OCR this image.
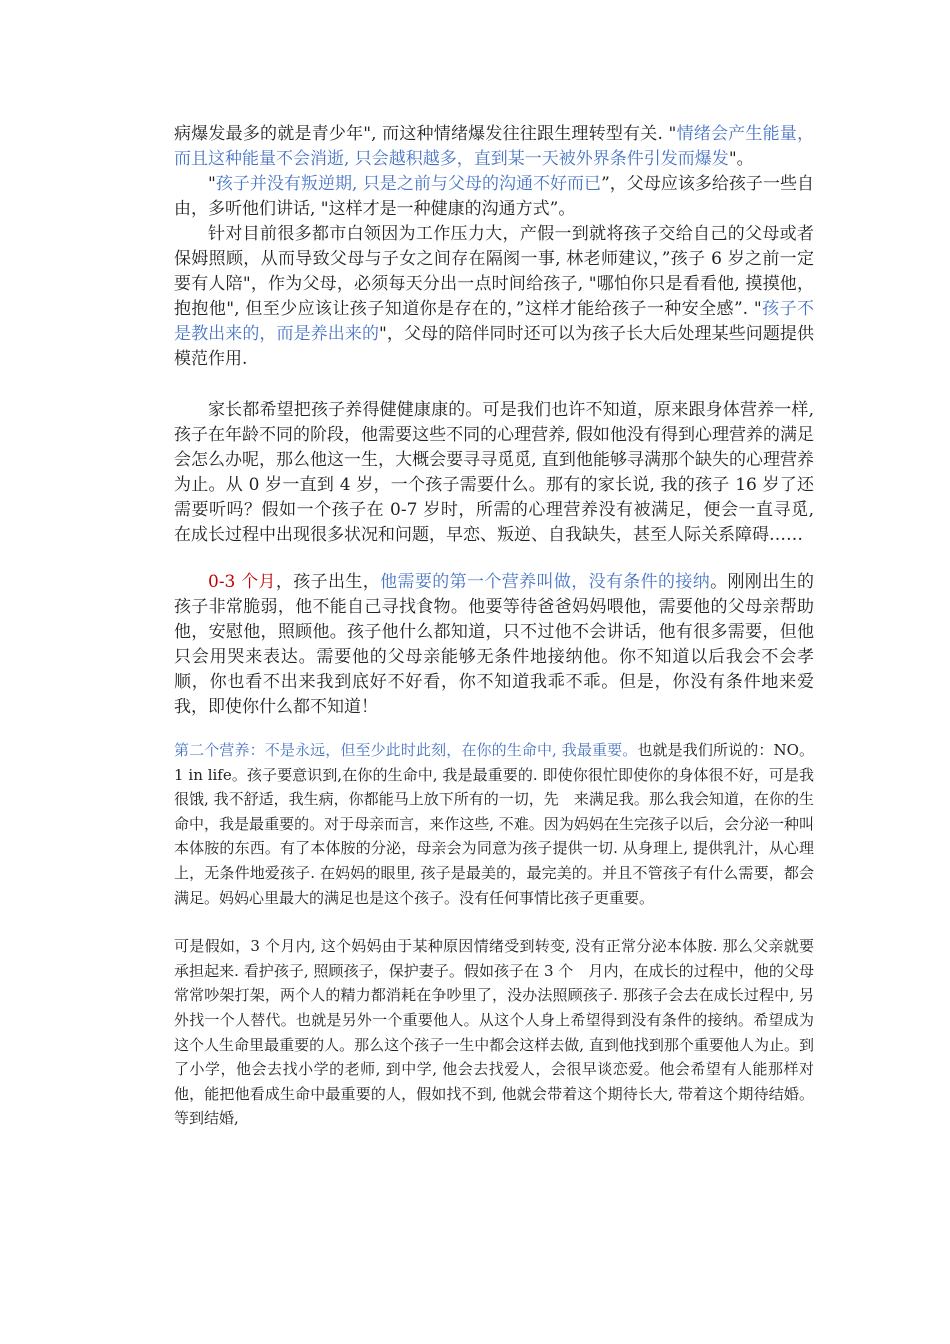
病爆发最多的就是青少年", 而这种情绪爆发往往跟生理转型有关. "情绪会产生能量，而且这种能量不会消逝, 只会越积越多，直到某一天被外界条件引发而爆发"。

"孩子并没有叛逆期, 只是之前与父母的沟通不好而已”，父母应该多给孩子一些自由，多听他们讲话, "这样才是一种健康的沟通方式”。

针对目前很多都市白领因为工作压力大，产假一到就将孩子交给自己的父母或者保姆照顾，从而导致父母与子女之间存在隔阂一事, 林老师建议，”孩子 6 岁之前一定要有人陪"，作为父母，必须每天分出一点时间给孩子, "哪怕你只是看看他, 摸摸他，抱抱他", 但至少应该让孩子知道你是存在的，”这样才能给孩子一种安全感”. "孩子不是教出来的，而是养出来的"，父母的陪伴同时还可以为孩子长大后处理某些问题提供模范作用.

家长都希望把孩子养得健健康康的。可是我们也许不知道，原来跟身体营养一样, 孩子在年龄不同的阶段，他需要这些不同的心理营养, 假如他没有得到心理营养的满足会怎么办呢，那么他这一生，大概会要寻寻觅觅, 直到他能够寻满那个缺失的心理营养为止。从 0 岁一直到 4 岁，一个孩子需要什么。那有的家长说, 我的孩子 16 岁了还需要听吗？假如一个孩子在 0-7 岁时，所需的心理营养没有被满足，便会一直寻觅, 在成长过程中出现很多状况和问题，早恋、叛逆、自我缺失，甚至人际关系障碍……

0-3 个月，孩子出生，他需要的第一个营养叫做，没有条件的接纳。刚刚出生的孩子非常脆弱，他不能自己寻找食物。他要等待爸爸妈妈喂他，需要他的父母亲帮助他，安慰他，照顾他。孩子他什么都知道，只不过他不会讲话，他有很多需要，但他只会用哭来表达。需要他的父母亲能够无条件地接纳他。你不知道以后我会不会孝顺，你也看不出来我到底好不好看，你不知道我乖不乖。但是，你没有条件地来爱我，即使你什么都不知道！

第二个营养：不是永远，但至少此时此刻，在你的生命中, 我最重要。也就是我们所说的：NO。1 in life。孩子要意识到,在你的生命中, 我是最重要的. 即使你很忙即使你的身体很不好，可是我很饿, 我不舒适，我生病，你都能马上放下所有的一切，先　来满足我。那么我会知道，在你的生命中，我是最重要的。对于母亲而言，来作这些, 不难。因为妈妈在生完孩子以后，会分泌一种叫本体胺的东西。有了本体胺的分泌，母亲会为同意为孩子提供一切. 从身理上, 提供乳汁，从心理上，无条件地爱孩子. 在妈妈的眼里, 孩子是最美的，最完美的。并且不管孩子有什么需要，都会满足。妈妈心里最大的满足也是这个孩子。没有任何事情比孩子更重要。

可是假如，3 个月内, 这个妈妈由于某种原因情绪受到转变, 没有正常分泌本体胺. 那么父亲就要承担起来. 看护孩子, 照顾孩子，保护妻子。假如孩子在 3 个　月内，在成长的过程中，他的父母常常吵架打架，两个人的精力都消耗在争吵里了，没办法照顾孩子. 那孩子会去在成长过程中, 另外找一个人替代。也就是另外一个重要他人。从这个人身上希望得到没有条件的接纳。希望成为这个人生命里最重要的人。那么这个孩子一生中都会这样去做, 直到他找到那个重要他人为止。到了小学，他会去找小学的老师, 到中学, 他会去找爱人，会很早谈恋爱。他会希望有人能那样对他，能把他看成生命中最重要的人，假如找不到, 他就会带着这个期待长大, 带着这个期待结婚。等到结婚,
